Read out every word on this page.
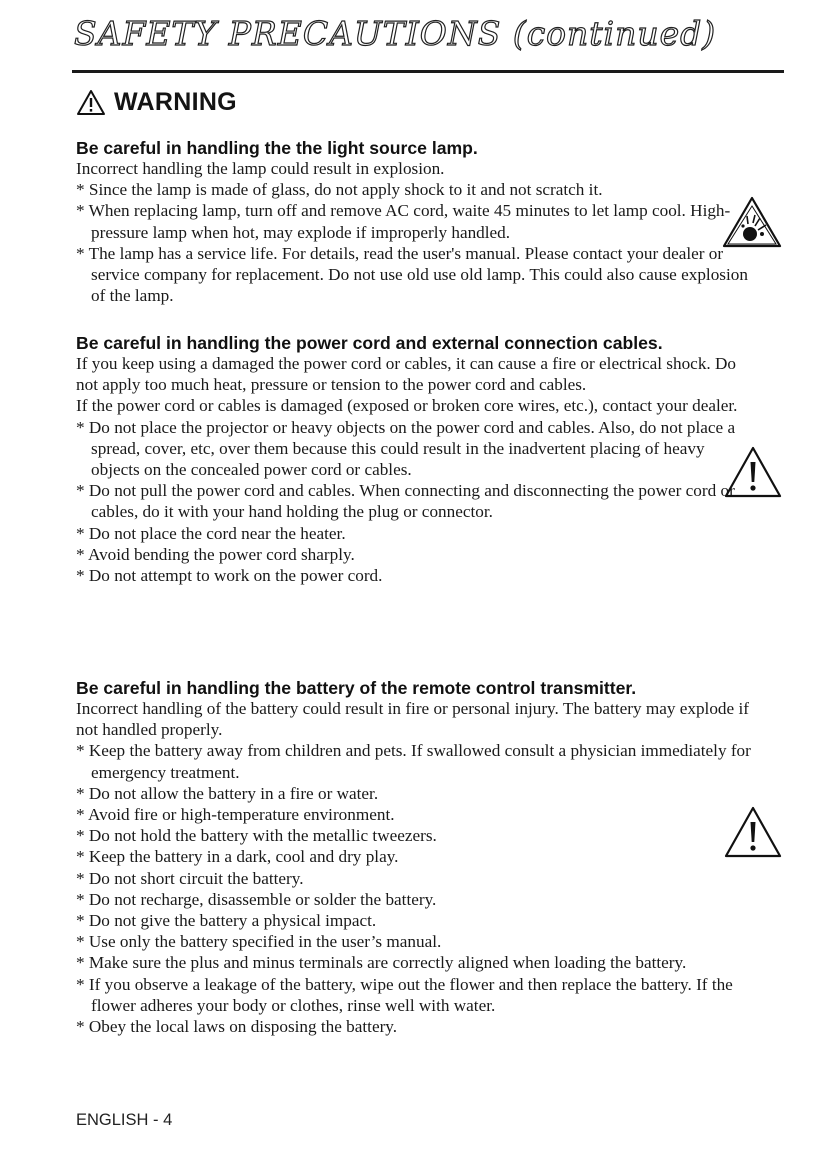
SAFETY PRECAUTIONS (continued)
WARNING
Be careful in handling the the light source lamp.
Incorrect handling the lamp could result in explosion.
* Since the lamp is made of glass, do not apply shock to it and not scratch it.
* When replacing lamp, turn off and remove AC cord, waite 45 minutes to let lamp cool. High-pressure lamp when hot, may explode if improperly handled.
* The lamp has a service life. For details, read the user's manual. Please contact your dealer or service company for replacement. Do not use old use old lamp. This could also cause explosion of the lamp.
Be careful in handling the power cord and external connection cables.
If you keep using a damaged the power cord or cables, it can cause a fire or electrical shock. Do not apply too much heat, pressure or tension to the power cord and cables.
If the power cord or cables is damaged (exposed or broken core wires, etc.), contact your dealer.
* Do not place the projector or heavy objects on the power cord and cables. Also, do not place a spread, cover, etc, over them because this could result in the inadvertent placing of heavy objects on the concealed power cord or cables.
* Do not pull the power cord and cables. When connecting and disconnecting the power cord or cables, do it with your hand holding the plug or connector.
* Do not place the cord near the heater.
* Avoid bending the power cord sharply.
* Do not attempt to work on the power cord.
Be careful in handling the battery of the remote control transmitter.
Incorrect handling of the battery could result in fire or personal injury. The battery may explode if not handled properly.
* Keep the battery away from children and pets. If swallowed consult a physician immediately for emergency treatment.
* Do not allow the battery in a fire or water.
* Avoid fire or high-temperature environment.
* Do not hold the battery with the metallic tweezers.
* Keep the battery in a dark, cool and dry play.
* Do not short circuit the battery.
* Do not recharge, disassemble or solder the battery.
* Do not give the battery a physical impact.
* Use only the battery specified in the user’s manual.
* Make sure the plus and minus terminals are correctly aligned when loading the battery.
* If you observe a leakage of the battery, wipe out the flower and then replace the battery. If the flower adheres your body or clothes, rinse well with water.
* Obey the local laws on disposing the battery.
ENGLISH - 4
